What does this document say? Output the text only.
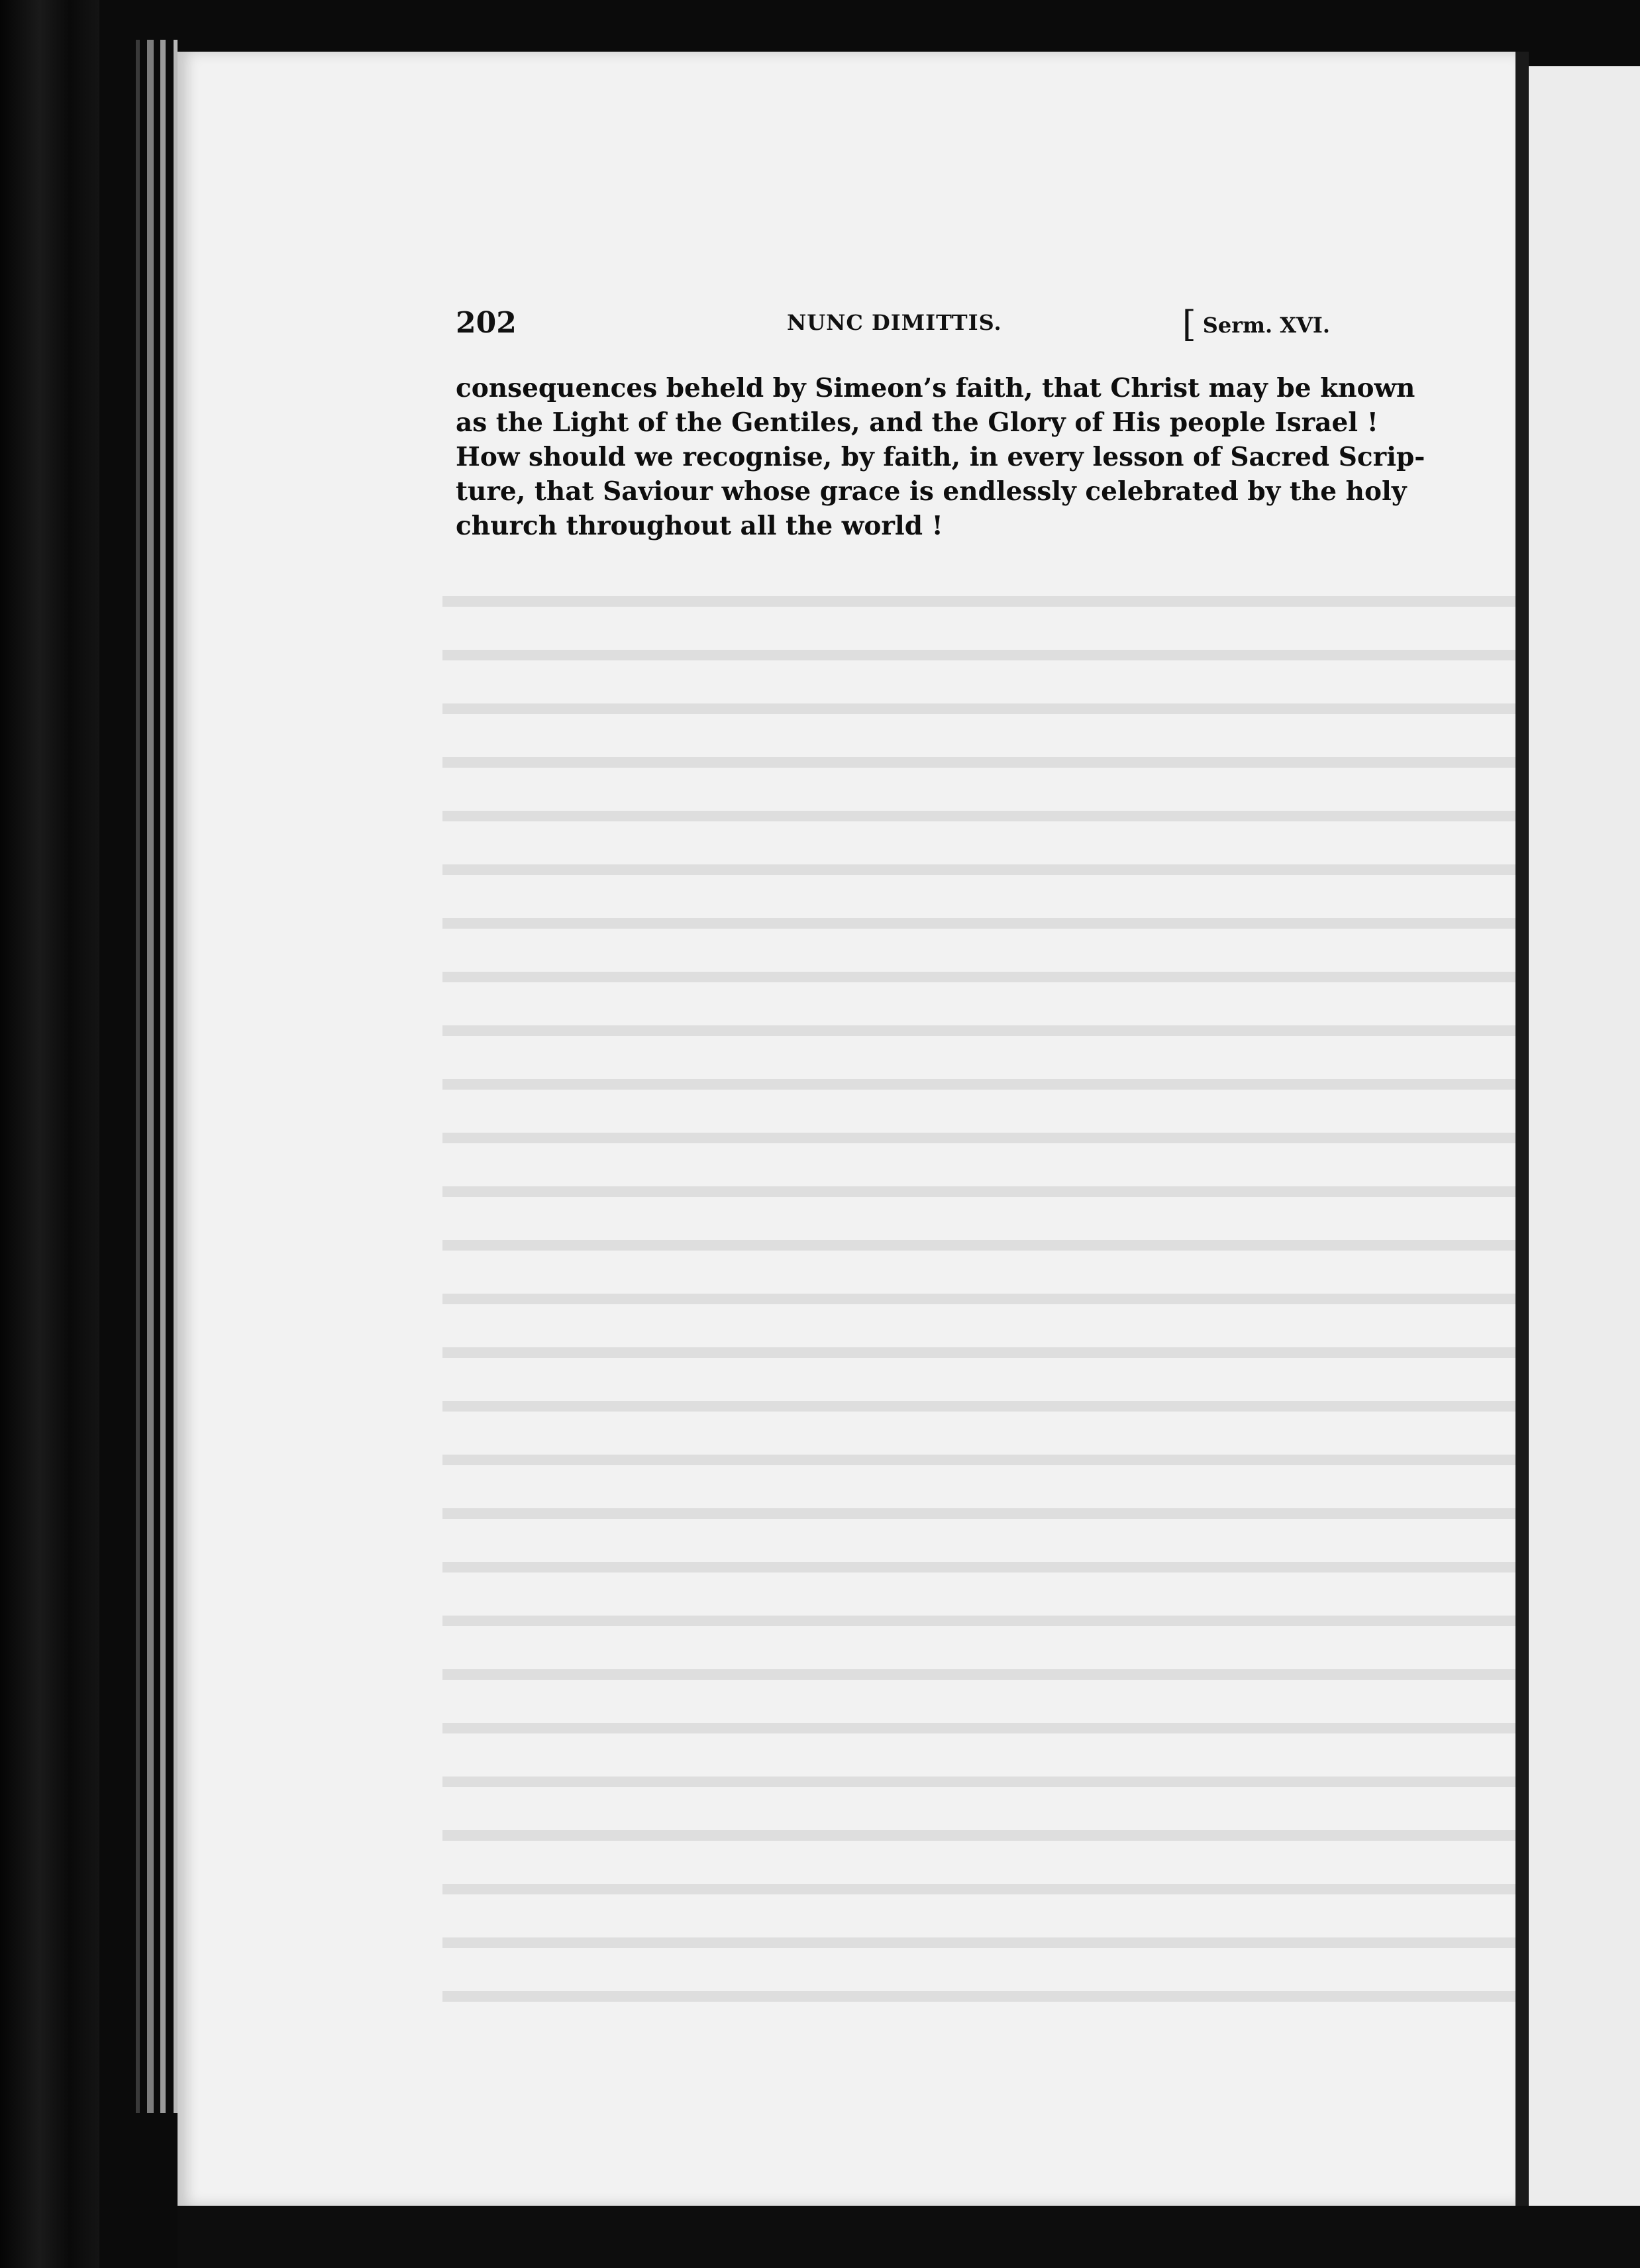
202	NUNC DIMITTIS.	[ Serm. XVI.
consequences beheld by Simeon’s faith, that Christ may be known
as the Light of the Gentiles, and the Glory of His people Israel !
How should we recognise, by faith, in every lesson of Sacred Scrip-
ture, that Saviour whose grace is endlessly celebrated by the holy
church throughout all the world !
